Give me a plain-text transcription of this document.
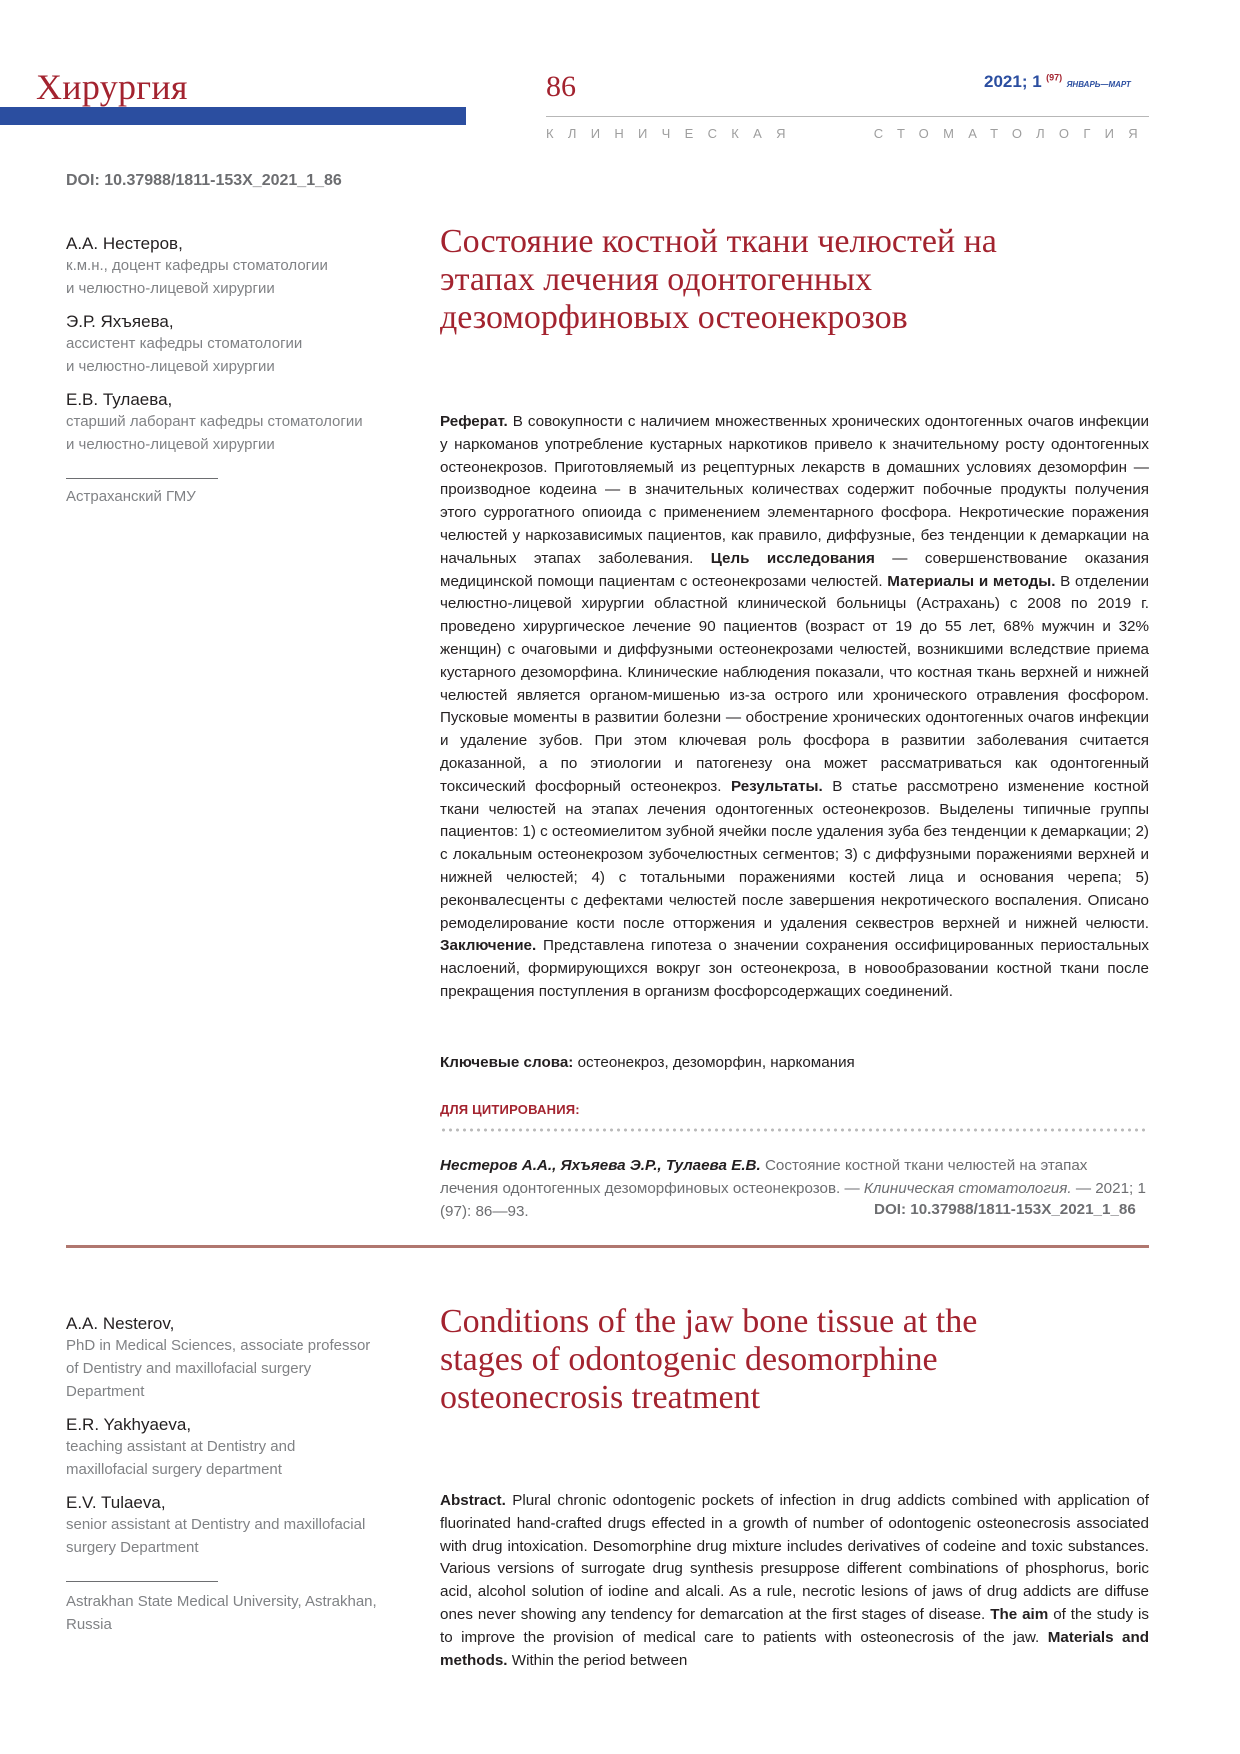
Хирургия	86	2021; 1 $^{(97)}$ ЯНВАРЬ—МАРТ
КЛИНИЧЕСКАЯ	СТОМАТОЛОГИЯ
DOI: 10.37988/1811-153X_2021_1_86
А.А. Нестеров,
к.м.н., доцент кафедры стоматологии
и челюстно-лицевой хирургии
Э.Р. Яхъяева,
ассистент кафедры стоматологии
и челюстно-лицевой хирургии
Е.В. Тулаева,
старший лаборант кафедры стоматологии
и челюстно-лицевой хирургии
Астраханский ГМУ
Состояние костной ткани челюстей на этапах лечения одонтогенных дезоморфиновых остеонекрозов
Реферат. В совокупности с наличием множественных хронических одонтогенных очагов инфекции у наркоманов употребление кустарных наркотиков привело к значительному росту одонтогенных остеонекрозов. Приготовляемый из рецептурных лекарств в домашних условиях дезоморфин — производное кодеина — в значительных количествах содержит побочные продукты получения этого суррогатного опиоида с применением элементарного фосфора. Некротические поражения челюстей у наркозависимых пациентов, как правило, диффузные, без тенденции к демаркации на начальных этапах заболевания. Цель исследования — совершенствование оказания медицинской помощи пациентам с остеонекрозами челюстей. Материалы и методы. В отделении челюстно-лицевой хирургии областной клинической больницы (Астрахань) с 2008 по 2019 г. проведено хирургическое лечение 90 пациентов (возраст от 19 до 55 лет, 68% мужчин и 32% женщин) с очаговыми и диффузными остеонекрозами челюстей, возникшими вследствие приема кустарного дезоморфина. Клинические наблюдения показали, что костная ткань верхней и нижней челюстей является органом-мишенью из-за острого или хронического отравления фосфором. Пусковые моменты в развитии болезни — обострение хронических одонтогенных очагов инфекции и удаление зубов. При этом ключевая роль фосфора в развитии заболевания считается доказанной, а по этиологии и патогенезу она может рассматриваться как одонтогенный токсический фосфорный остеонекроз. Результаты. В статье рассмотрено изменение костной ткани челюстей на этапах лечения одонтогенных остеонекрозов. Выделены типичные группы пациентов: 1) с остеомиелитом зубной ячейки после удаления зуба без тенденции к демаркации; 2) с локальным остеонекрозом зубочелюстных сегментов; 3) с диффузными поражениями верхней и нижней челюстей; 4) с тотальными поражениями костей лица и основания черепа; 5) реконвалесценты с дефектами челюстей после завершения некротического воспаления. Описано ремоделирование кости после отторжения и удаления секвестров верхней и нижней челюсти. Заключение. Представлена гипотеза о значении сохранения оссифицированных периостальных наслоений, формирующихся вокруг зон остеонекроза, в новообразовании костной ткани после прекращения поступления в организм фосфорсодержащих соединений.
Ключевые слова: остеонекроз, дезоморфин, наркомания
ДЛЯ ЦИТИРОВАНИЯ:
Нестеров А.А., Яхъяева Э.Р., Тулаева Е.В. Состояние костной ткани челюстей на этапах лечения одонтогенных дезоморфиновых остеонекрозов. — Клиническая стоматология. — 2021; 1 (97): 86—93.	DOI: 10.37988/1811-153X_2021_1_86
A.A. Nesterov,
PhD in Medical Sciences, associate professor
of Dentistry and maxillofacial surgery
Department
E.R. Yakhyaeva,
teaching assistant at Dentistry and
maxillofacial surgery department
E.V. Tulaeva,
senior assistant at Dentistry and maxillofacial
surgery Department
Astrakhan State Medical University, Astrakhan,
Russia
Conditions of the jaw bone tissue at the stages of odontogenic desomorphine osteonecrosis treatment
Abstract. Plural chronic odontogenic pockets of infection in drug addicts combined with application of fluorinated hand-crafted drugs effected in a growth of number of odontogenic osteonecrosis associated with drug intoxication. Desomorphine drug mixture includes derivatives of codeine and toxic substances. Various versions of surrogate drug synthesis presuppose different combinations of phosphorus, boric acid, alcohol solution of iodine and alcali. As a rule, necrotic lesions of jaws of drug addicts are diffuse ones never showing any tendency for demarcation at the first stages of disease. The aim of the study is to improve the provision of medical care to patients with osteonecrosis of the jaw. Materials and methods. Within the period between
